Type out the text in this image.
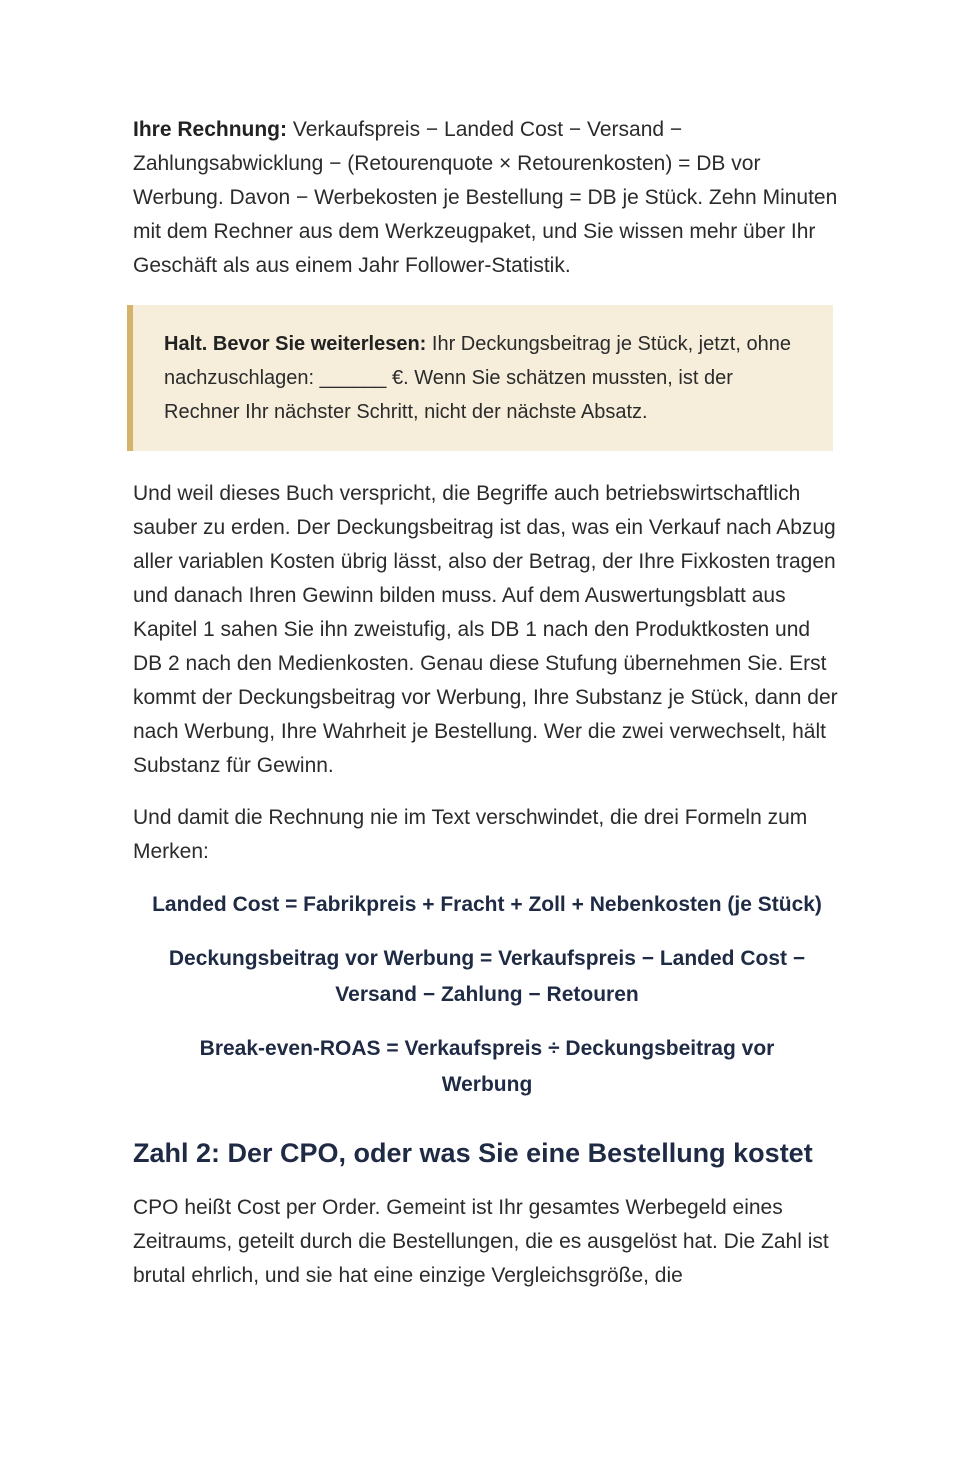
Ihre Rechnung: Verkaufspreis − Landed Cost − Versand − Zahlungsabwicklung − (Retourenquote × Retourenkosten) = DB vor Werbung. Davon − Werbekosten je Bestellung = DB je Stück. Zehn Minuten mit dem Rechner aus dem Werkzeugpaket, und Sie wissen mehr über Ihr Geschäft als aus einem Jahr Follower-Statistik.

Halt. Bevor Sie weiterlesen: Ihr Deckungsbeitrag je Stück, jetzt, ohne nachzuschlagen: ______ €. Wenn Sie schätzen mussten, ist der Rechner Ihr nächster Schritt, nicht der nächste Absatz.

Und weil dieses Buch verspricht, die Begriffe auch betriebswirtschaftlich sauber zu erden. Der Deckungsbeitrag ist das, was ein Verkauf nach Abzug aller variablen Kosten übrig lässt, also der Betrag, der Ihre Fixkosten tragen und danach Ihren Gewinn bilden muss. Auf dem Auswertungsblatt aus Kapitel 1 sahen Sie ihn zweistufig, als DB 1 nach den Produktkosten und DB 2 nach den Medienkosten. Genau diese Stufung übernehmen Sie. Erst kommt der Deckungsbeitrag vor Werbung, Ihre Substanz je Stück, dann der nach Werbung, Ihre Wahrheit je Bestellung. Wer die zwei verwechselt, hält Substanz für Gewinn.

Und damit die Rechnung nie im Text verschwindet, die drei Formeln zum Merken:

Landed Cost = Fabrikpreis + Fracht + Zoll + Nebenkosten (je Stück)
Deckungsbeitrag vor Werbung = Verkaufspreis − Landed Cost − Versand − Zahlung − Retouren
Break-even-ROAS = Verkaufspreis ÷ Deckungsbeitrag vor Werbung
Zahl 2: Der CPO, oder was Sie eine Bestellung kostet

CPO heißt Cost per Order. Gemeint ist Ihr gesamtes Werbegeld eines Zeitraums, geteilt durch die Bestellungen, die es ausgelöst hat. Die Zahl ist brutal ehrlich, und sie hat eine einzige Vergleichsgröße, die
